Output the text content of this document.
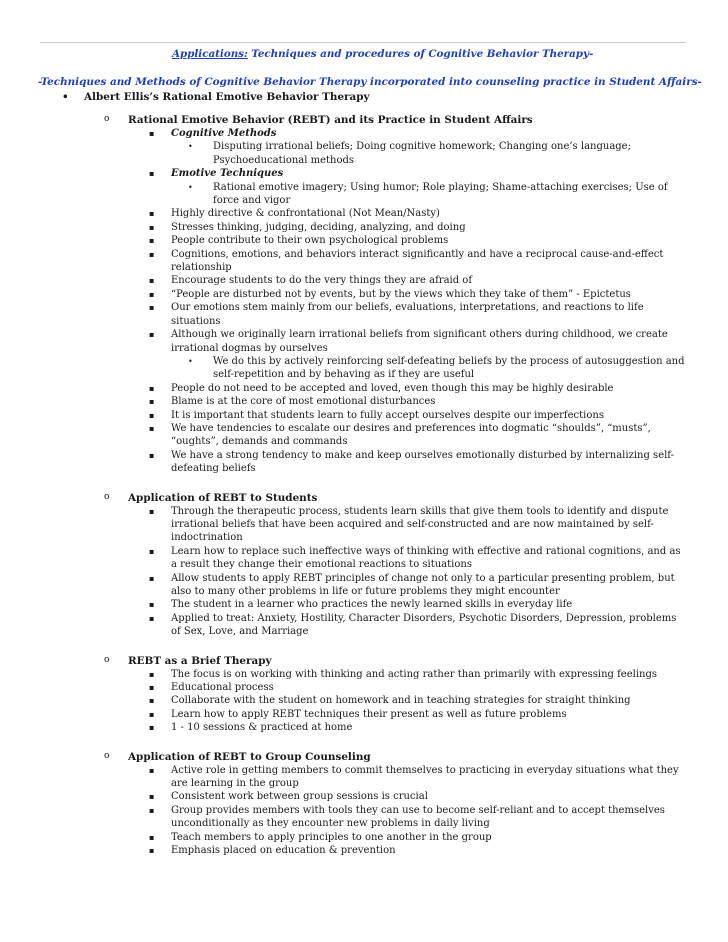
Applications: Techniques and procedures of Cognitive Behavior Therapy-
-Techniques and Methods of Cognitive Behavior Therapy incorporated into counseling practice in Student Affairs-
• Albert Ellis’s Rational Emotive Behavior Therapy
o Rational Emotive Behavior (REBT) and its Practice in Student Affairs
▪ Cognitive Methods
• Disputing irrational beliefs; Doing cognitive homework; Changing one’s language; Psychoeducational methods
▪ Emotive Techniques
• Rational emotive imagery; Using humor; Role playing; Shame-attaching exercises; Use of force and vigor
▪ Highly directive & confrontational (Not Mean/Nasty)
▪ Stresses thinking, judging, deciding, analyzing, and doing
▪ People contribute to their own psychological problems
▪ Cognitions, emotions, and behaviors interact significantly and have a reciprocal cause-and-effect relationship
▪ Encourage students to do the very things they are afraid of
▪ “People are disturbed not by events, but by the views which they take of them” - Epictetus
▪ Our emotions stem mainly from our beliefs, evaluations, interpretations, and reactions to life situations
▪ Although we originally learn irrational beliefs from significant others during childhood, we create irrational dogmas by ourselves
• We do this by actively reinforcing self-defeating beliefs by the process of autosuggestion and self-repetition and by behaving as if they are useful
▪ People do not need to be accepted and loved, even though this may be highly desirable
▪ Blame is at the core of most emotional disturbances
▪ It is important that students learn to fully accept ourselves despite our imperfections
▪ We have tendencies to escalate our desires and preferences into dogmatic “shoulds”, “musts”, “oughts”, demands and commands
▪ We have a strong tendency to make and keep ourselves emotionally disturbed by internalizing self-defeating beliefs
o Application of REBT to Students
▪ Through the therapeutic process, students learn skills that give them tools to identify and dispute irrational beliefs that have been acquired and self-constructed and are now maintained by self-indoctrination
▪ Learn how to replace such ineffective ways of thinking with effective and rational cognitions, and as a result they change their emotional reactions to situations
▪ Allow students to apply REBT principles of change not only to a particular presenting problem, but also to many other problems in life or future problems they might encounter
▪ The student in a learner who practices the newly learned skills in everyday life
▪ Applied to treat: Anxiety, Hostility, Character Disorders, Psychotic Disorders, Depression, problems of Sex, Love, and Marriage
o REBT as a Brief Therapy
▪ The focus is on working with thinking and acting rather than primarily with expressing feelings
▪ Educational process
▪ Collaborate with the student on homework and in teaching strategies for straight thinking
▪ Learn how to apply REBT techniques their present as well as future problems
▪ 1 - 10 sessions & practiced at home
o Application of REBT to Group Counseling
▪ Active role in getting members to commit themselves to practicing in everyday situations what they are learning in the group
▪ Consistent work between group sessions is crucial
▪ Group provides members with tools they can use to become self-reliant and to accept themselves unconditionally as they encounter new problems in daily living
▪ Teach members to apply principles to one another in the group
▪ Emphasis placed on education & prevention
